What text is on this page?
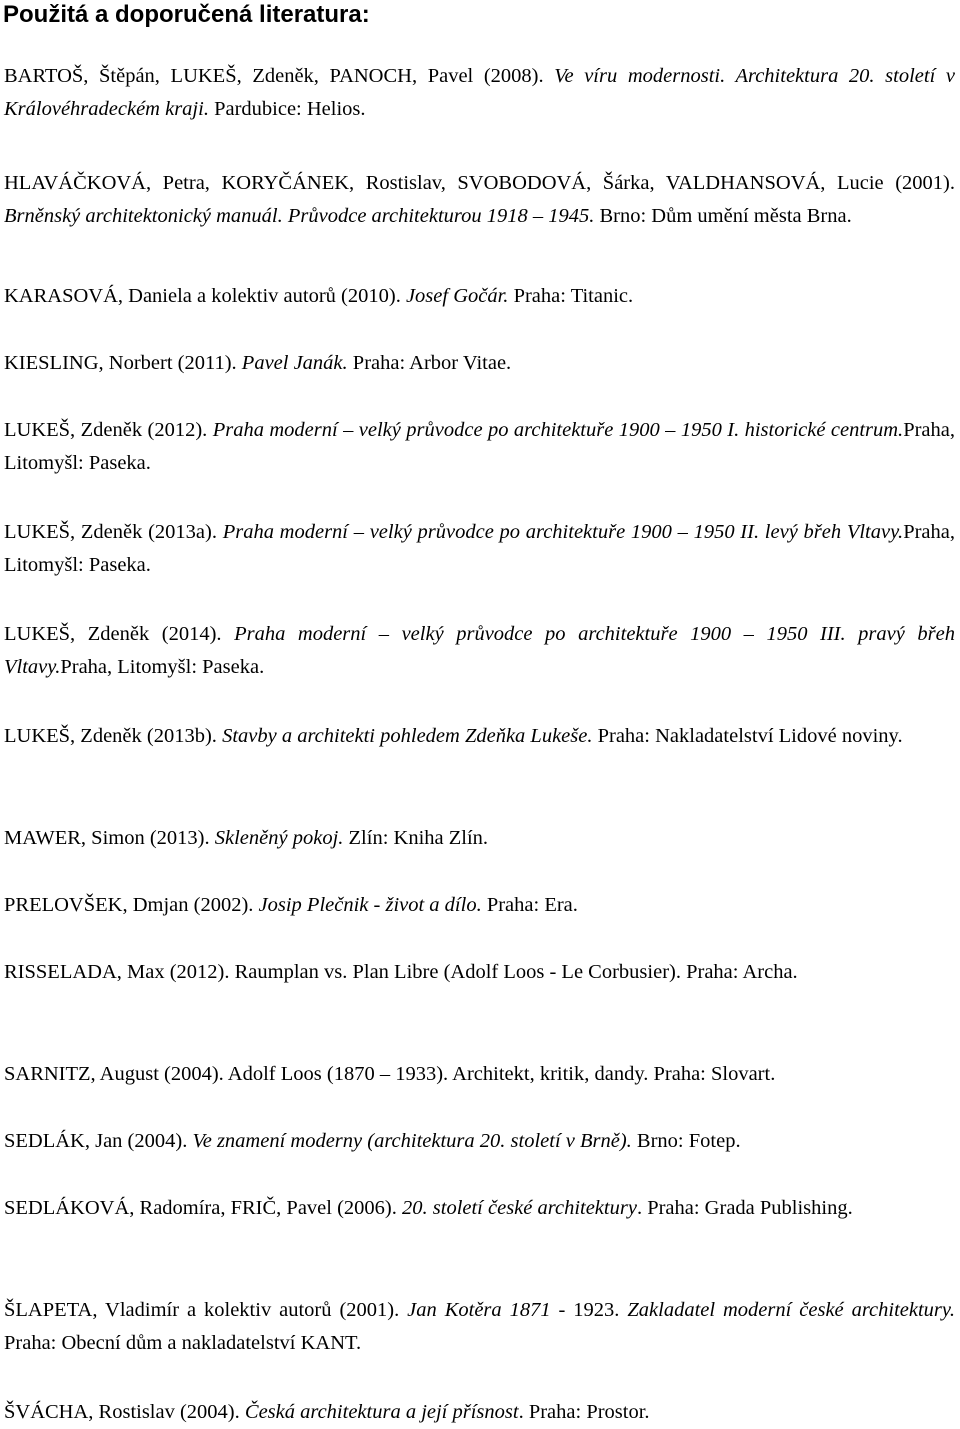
Použitá a doporučená literatura:
BARTOŠ, Štěpán, LUKEŠ, Zdeněk, PANOCH, Pavel (2008). Ve víru modernosti. Architektura 20. století v Královéhradeckém kraji. Pardubice: Helios.
HLAVÁČKOVÁ, Petra, KORYČÁNEK, Rostislav, SVOBODOVÁ, Šárka, VALDHANSOVÁ, Lucie (2001). Brněnský architektonický manuál. Průvodce architekturou 1918 – 1945. Brno: Dům umění města Brna.
KARASOVÁ, Daniela a kolektiv autorů (2010). Josef Gočár. Praha: Titanic.
KIESLING, Norbert (2011). Pavel Janák. Praha: Arbor Vitae.
LUKEŠ, Zdeněk (2012). Praha moderní – velký průvodce po architektuře 1900 – 1950 I. historické centrum.Praha, Litomyšl: Paseka.
LUKEŠ, Zdeněk (2013a). Praha moderní – velký průvodce po architektuře 1900 – 1950 II. levý břeh Vltavy.Praha, Litomyšl: Paseka.
LUKEŠ, Zdeněk (2014). Praha moderní – velký průvodce po architektuře 1900 – 1950 III. pravý břeh Vltavy.Praha, Litomyšl: Paseka.
LUKEŠ, Zdeněk (2013b). Stavby a architekti pohledem Zdeňka Lukeše. Praha: Nakladatelství Lidové noviny.
MAWER, Simon (2013). Skleněný pokoj. Zlín: Kniha Zlín.
PRELOVŠEK, Dmjan (2002). Josip Plečnik - život a dílo. Praha: Era.
RISSELADA, Max (2012). Raumplan vs. Plan Libre (Adolf Loos - Le Corbusier). Praha: Archa.
SARNITZ, August (2004). Adolf Loos (1870 – 1933). Architekt, kritik, dandy. Praha: Slovart.
SEDLÁK, Jan (2004). Ve znamení moderny (architektura 20. století v Brně). Brno: Fotep.
SEDLÁKOVÁ, Radomíra, FRIČ, Pavel (2006). 20. století české architektury. Praha: Grada Publishing.
ŠLAPETA, Vladimír a kolektiv autorů (2001). Jan Kotěra 1871 - 1923. Zakladatel moderní české architektury. Praha: Obecní dům a nakladatelství KANT.
ŠVÁCHA, Rostislav (2004). Česká architektura a její přísnost. Praha: Prostor.
